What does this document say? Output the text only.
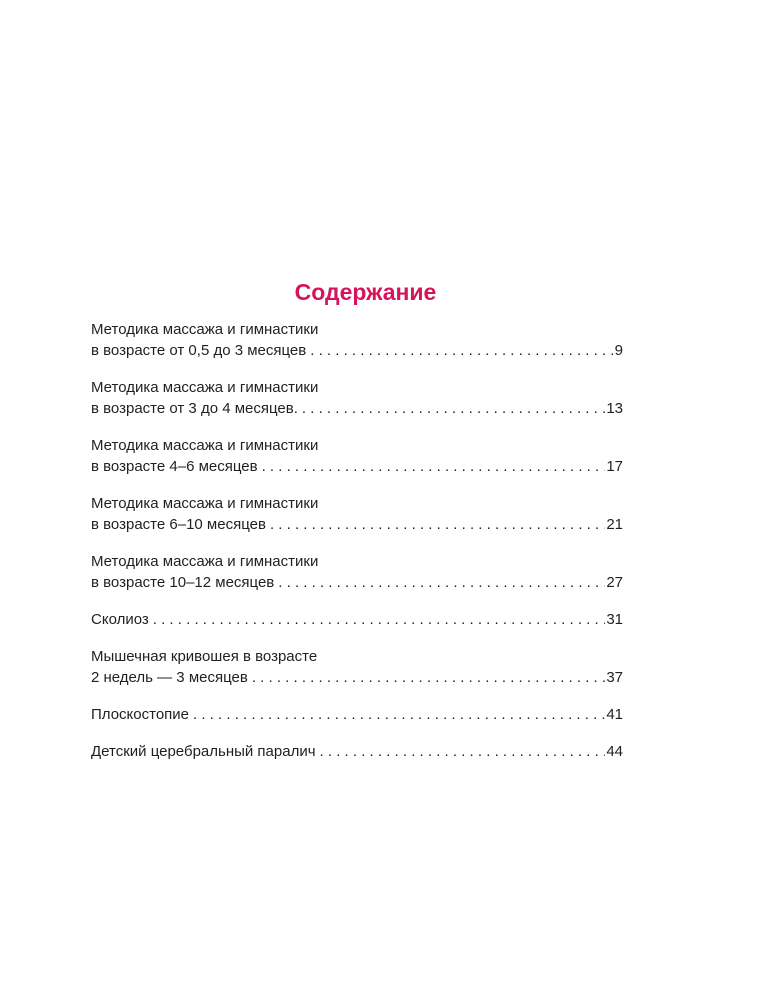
Содержание
Методика массажа и гимнастики
в возрасте от 0,5 до 3 месяцев . . .	9
Методика массажа и гимнастики
в возрасте от 3 до 4 месяцев. . . .	13
Методика массажа и гимнастики
в возрасте 4–6 месяцев . . .	17
Методика массажа и гимнастики
в возрасте 6–10 месяцев . . .	21
Методика массажа и гимнастики
в возрасте 10–12 месяцев . . .	27
Сколиоз . . .	31
Мышечная кривошея в возрасте
2 недель — 3 месяцев . . .	37
Плоскостопие . . .	41
Детский церебральный паралич . . .	44
